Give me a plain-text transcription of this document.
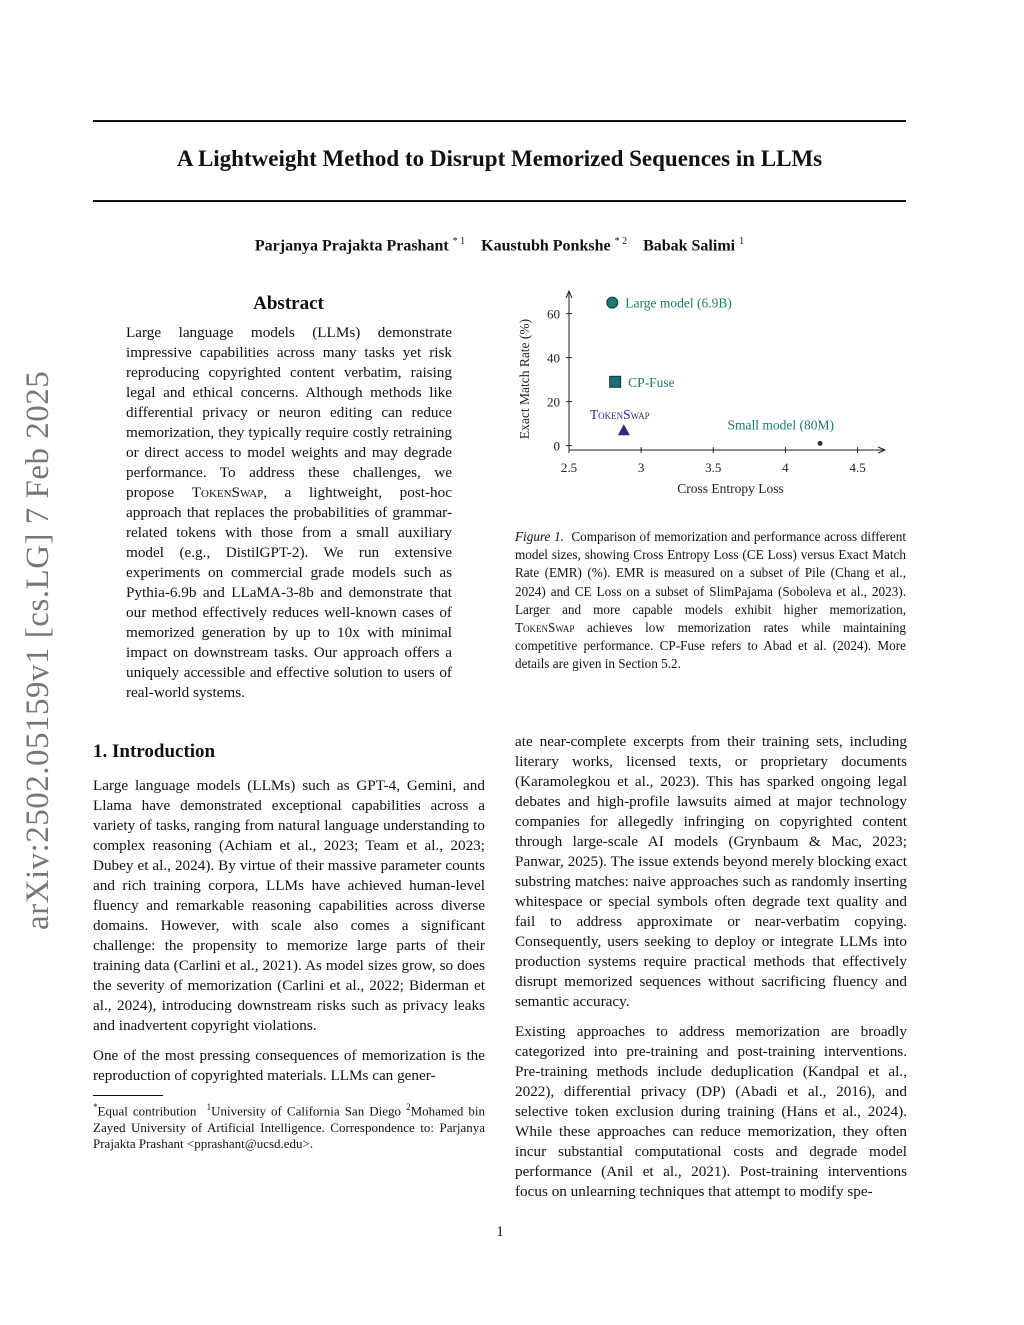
A Lightweight Method to Disrupt Memorized Sequences in LLMs
Parjanya Prajakta Prashant $^{* 1}$ Kaustubh Ponkshe $^{* 2}$ Babak Salimi $^1$
arXiv:2502.05159v1 [cs.LG] 7 Feb 2025
Abstract
Large language models (LLMs) demonstrate impressive capabilities across many tasks yet risk reproducing copyrighted content verbatim, raising legal and ethical concerns. Although methods like differential privacy or neuron editing can reduce memorization, they typically require costly retraining or direct access to model weights and may degrade performance. To address these challenges, we propose TokenSwap, a lightweight, post-hoc approach that replaces the probabilities of grammar-related tokens with those from a small auxiliary model (e.g., DistilGPT-2). We run extensive experiments on commercial grade models such as Pythia-6.9b and LLaMA-3-8b and demonstrate that our method effectively reduces well-known cases of memorized generation by up to 10x with minimal impact on downstream tasks. Our approach offers a uniquely accessible and effective solution to users of real-world systems.
1. Introduction

Large language models (LLMs) such as GPT-4, Gemini, and Llama have demonstrated exceptional capabilities across a variety of tasks, ranging from natural language understanding to complex reasoning (Achiam et al., 2023; Team et al., 2023; Dubey et al., 2024). By virtue of their massive parameter counts and rich training corpora, LLMs have achieved human-level fluency and remarkable reasoning capabilities across diverse domains. However, with scale also comes a significant challenge: the propensity to memorize large parts of their training data (Carlini et al., 2021). As model sizes grow, so does the severity of memorization (Carlini et al., 2022; Biderman et al., 2024), introducing downstream risks such as privacy leaks and inadvertent copyright violations.

One of the most pressing consequences of memorization is the reproduction of copyrighted materials. LLMs can gener-

*Equal contribution $^1$University of California San Diego $^2$Mohamed bin Zayed University of Artificial Intelligence. Correspondence to: Parjanya Prajakta Prashant <pprashant@ucsd.edu>.
0
20
40
60
2.5	3	3.5	4	4.5
Cross Entropy Loss
Exact Match Rate (%)
Large model (6.9B)
CP-Fuse
TokenSwap
Small model (80M)
Figure 1. Comparison of memorization and performance across different model sizes, showing Cross Entropy Loss (CE Loss) versus Exact Match Rate (EMR) (%). EMR is measured on a subset of Pile (Chang et al., 2024) and CE Loss on a subset of SlimPajama (Soboleva et al., 2023). Larger and more capable models exhibit higher memorization, TokenSwap achieves low memorization rates while maintaining competitive performance. CP-Fuse refers to Abad et al. (2024). More details are given in Section 5.2.

ate near-complete excerpts from their training sets, including literary works, licensed texts, or proprietary documents (Karamolegkou et al., 2023). This has sparked ongoing legal debates and high-profile lawsuits aimed at major technology companies for allegedly infringing on copyrighted content through large-scale AI models (Grynbaum & Mac, 2023; Panwar, 2025). The issue extends beyond merely blocking exact substring matches: naive approaches such as randomly inserting whitespace or special symbols often degrade text quality and fail to address approximate or near-verbatim copying. Consequently, users seeking to deploy or integrate LLMs into production systems require practical methods that effectively disrupt memorized sequences without sacrificing fluency and semantic accuracy.

Existing approaches to address memorization are broadly categorized into pre-training and post-training interventions. Pre-training methods include deduplication (Kandpal et al., 2022), differential privacy (DP) (Abadi et al., 2016), and selective token exclusion during training (Hans et al., 2024). While these approaches can reduce memorization, they often incur substantial computational costs and degrade model performance (Anil et al., 2021). Post-training interventions focus on unlearning techniques that attempt to modify spe-

1
